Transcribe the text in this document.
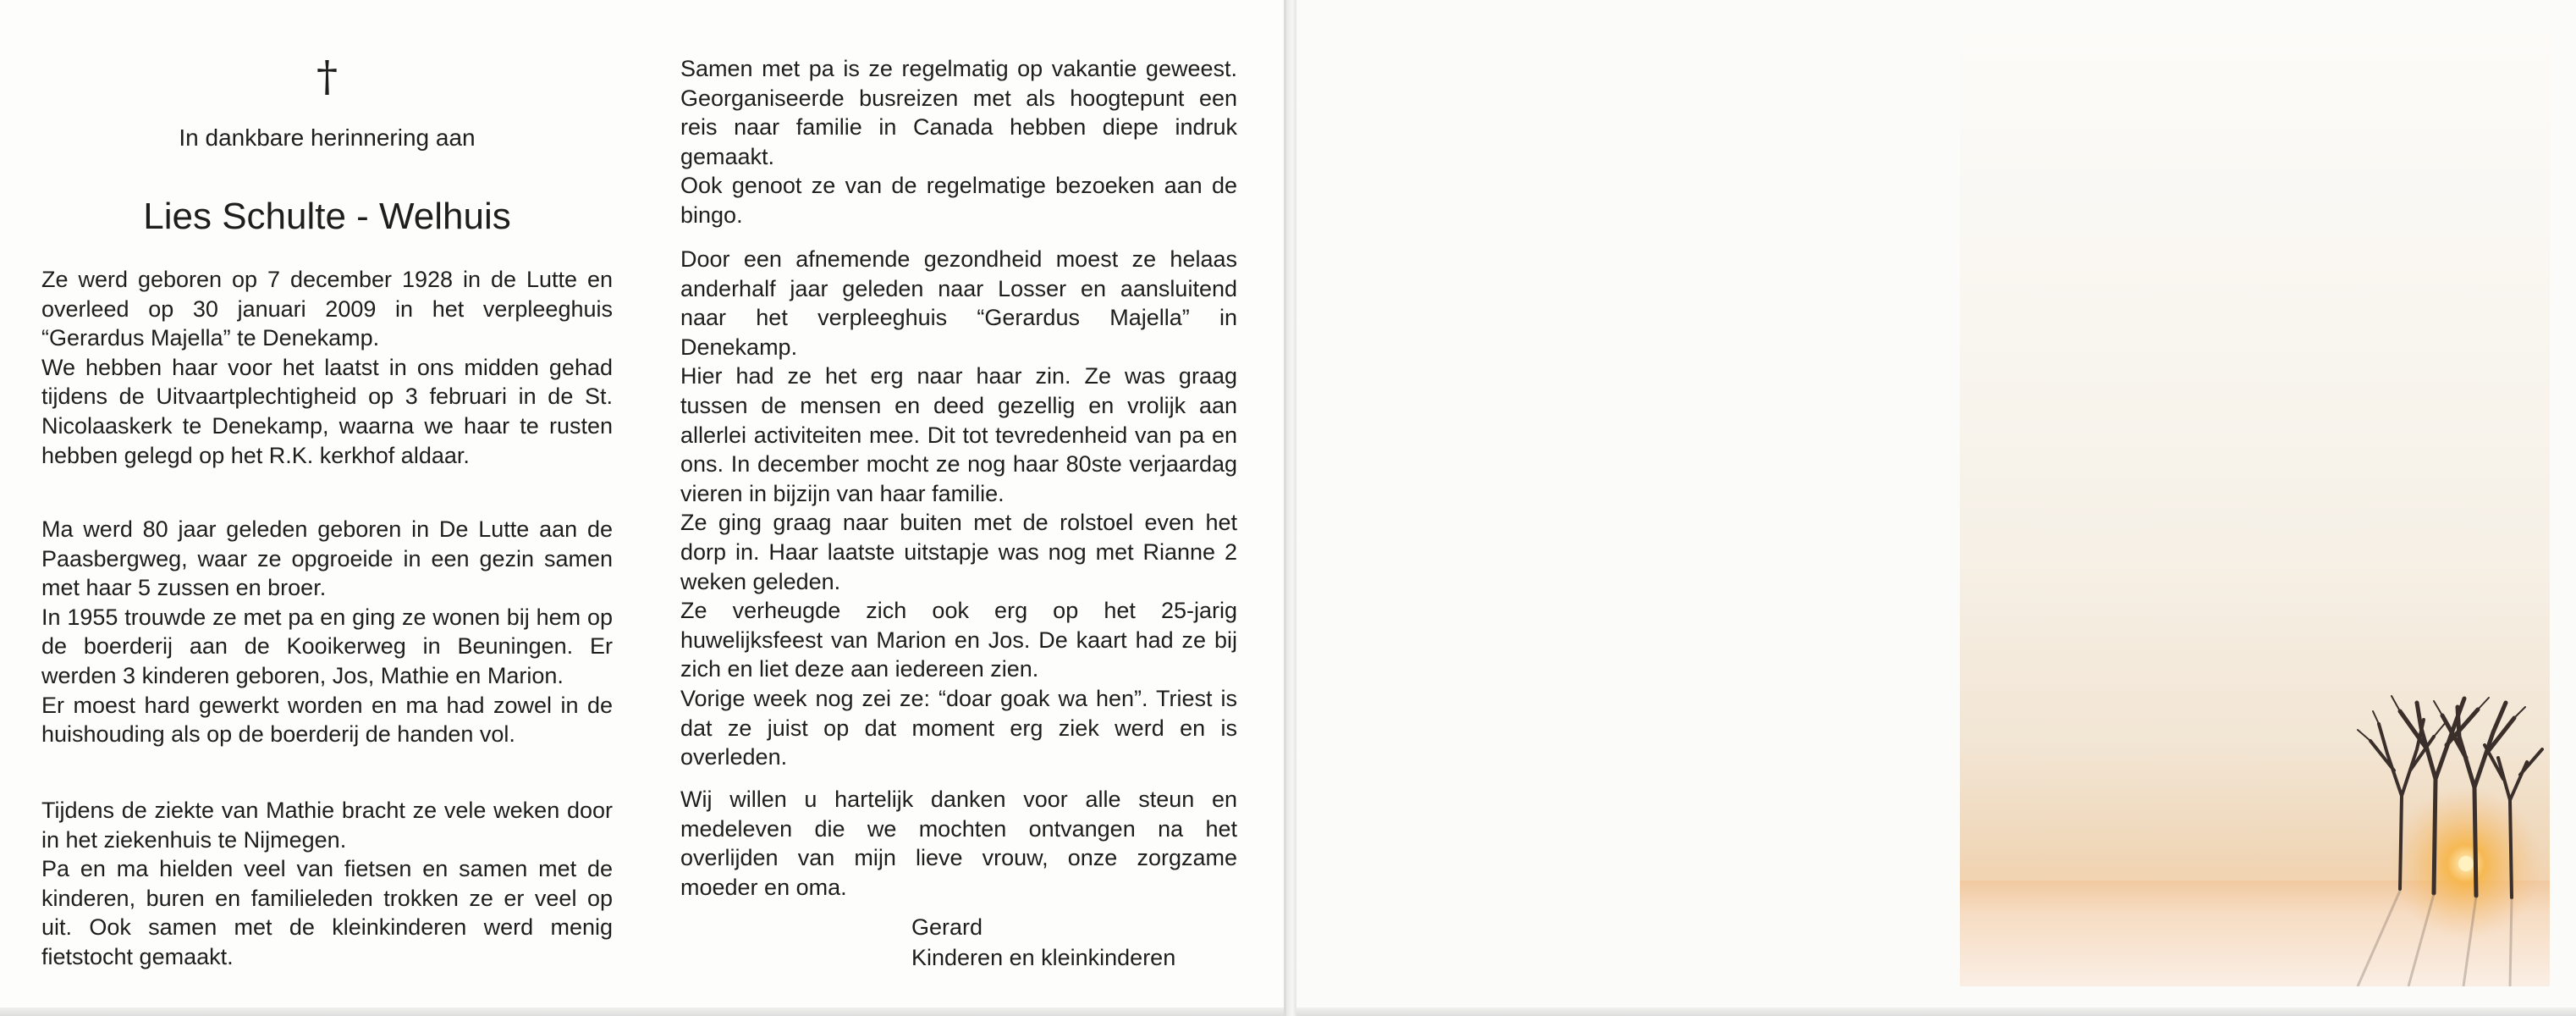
†
In dankbare herinnering aan
Lies Schulte - Welhuis

Ze werd geboren op 7 december 1928 in de Lutte en overleed op 30 januari 2009 in het verpleeghuis “Gerardus Majella” te Denekamp.

We hebben haar voor het laatst in ons midden gehad tijdens de Uitvaartplechtigheid op 3 februari in de St. Nicolaaskerk te Denekamp, waarna we haar te rusten hebben gelegd op het R.K. kerkhof aldaar.

Ma werd 80 jaar geleden geboren in De Lutte aan de Paasbergweg, waar ze opgroeide in een gezin samen met haar 5 zussen en broer.

In 1955 trouwde ze met pa en ging ze wonen bij hem op de boerderij aan de Kooikerweg in Beuningen. Er werden 3 kinderen geboren, Jos, Mathie en Marion.

Er moest hard gewerkt worden en ma had zowel in de huishouding als op de boerderij de handen vol.

Tijdens de ziekte van Mathie bracht ze vele weken door in het ziekenhuis te Nijmegen.

Pa en ma hielden veel van fietsen en samen met de kinderen, buren en familieleden trokken ze er veel op uit. Ook samen met de kleinkinderen werd menig fietstocht gemaakt.

Samen met pa is ze regelmatig op vakantie geweest. Georganiseerde busreizen met als hoogtepunt een reis naar familie in Canada hebben diepe indruk gemaakt.

Ook genoot ze van de regelmatige bezoeken aan de bingo.

Door een afnemende gezondheid moest ze helaas anderhalf jaar geleden naar Losser en aansluitend naar het verpleeghuis “Gerardus Majella” in Denekamp.

Hier had ze het erg naar haar zin. Ze was graag tussen de mensen en deed gezellig en vrolijk aan allerlei activiteiten mee. Dit tot tevredenheid van pa en ons. In december mocht ze nog haar 80ste verjaardag vieren in bijzijn van haar familie.

Ze ging graag naar buiten met de rolstoel even het dorp in. Haar laatste uitstapje was nog met Rianne 2 weken geleden.

Ze verheugde zich ook erg op het 25-jarig huwelijksfeest van Marion en Jos. De kaart had ze bij zich en liet deze aan iedereen zien.

Vorige week nog zei ze: “doar goak wa hen”. Triest is dat ze juist op dat moment erg ziek werd en is overleden.

Wij willen u hartelijk danken voor alle steun en medeleven die we mochten ontvangen na het overlijden van mijn lieve vrouw, onze zorgzame moeder en oma.

Gerard
Kinderen en kleinkinderen
